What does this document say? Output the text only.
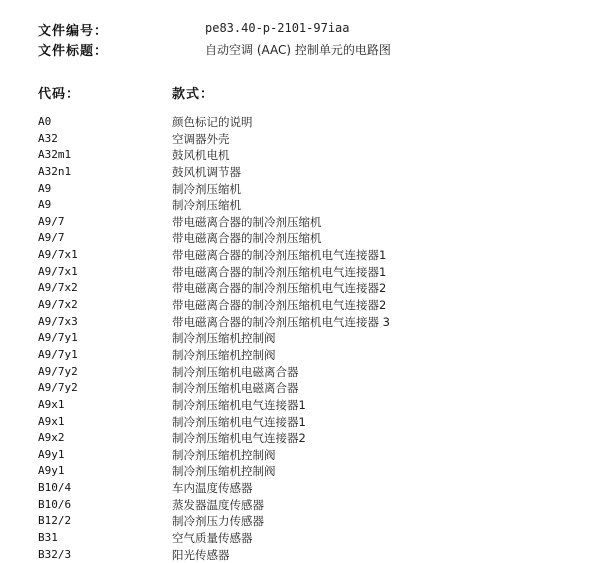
文件编号：	pe83.40-p-2101-97iaa
文件标题：	自动空调 (AAC) 控制单元的电路图
代码：	款式：
A0	颜色标记的说明
A32	空调器外壳
A32m1	鼓风机电机
A32n1	鼓风机调节器
A9	制冷剂压缩机
A9	制冷剂压缩机
A9/7	带电磁离合器的制冷剂压缩机
A9/7	带电磁离合器的制冷剂压缩机
A9/7x1	带电磁离合器的制冷剂压缩机电气连接器1
A9/7x1	带电磁离合器的制冷剂压缩机电气连接器1
A9/7x2	带电磁离合器的制冷剂压缩机电气连接器2
A9/7x2	带电磁离合器的制冷剂压缩机电气连接器2
A9/7x3	带电磁离合器的制冷剂压缩机电气连接器 3
A9/7y1	制冷剂压缩机控制阀
A9/7y1	制冷剂压缩机控制阀
A9/7y2	制冷剂压缩机电磁离合器
A9/7y2	制冷剂压缩机电磁离合器
A9x1	制冷剂压缩机电气连接器1
A9x1	制冷剂压缩机电气连接器1
A9x2	制冷剂压缩机电气连接器2
A9y1	制冷剂压缩机控制阀
A9y1	制冷剂压缩机控制阀
B10/4	车内温度传感器
B10/6	蒸发器温度传感器
B12/2	制冷剂压力传感器
B31	空气质量传感器
B32/3	阳光传感器
